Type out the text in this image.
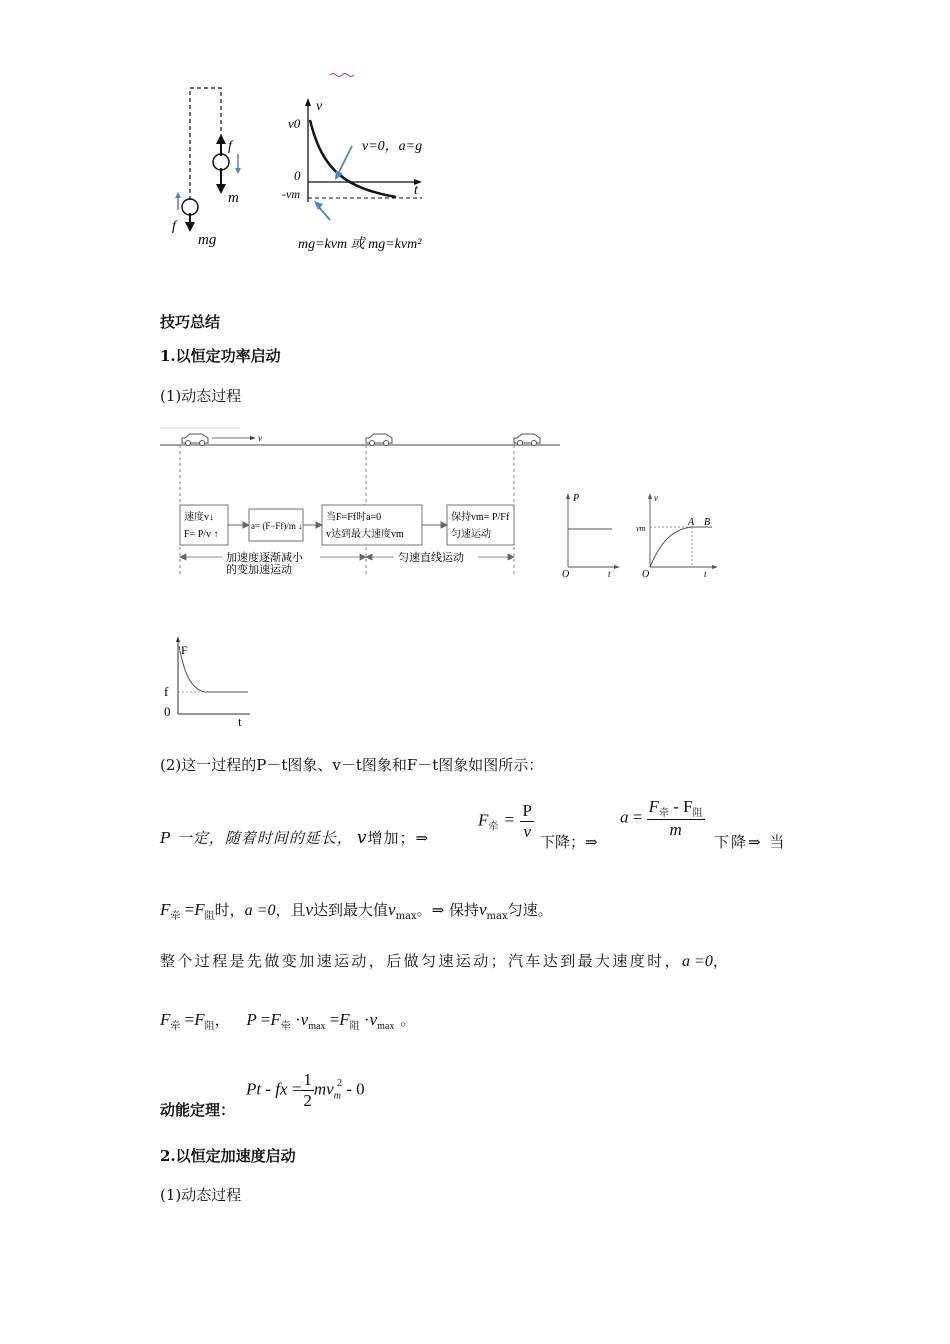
f
m
f
mg
v
v0
0
-vm	t
v=0，a=g
mg=kvm 或 mg=kvm²
技巧总结
1.以恒定功率启动
(1)动态过程
v
速度v↓
F= P/v ↑
a= (F−Ff)/m ↓
当F=Ff时a=0
v达到最大速度vm
保持vm= P/Ff
匀速运动
加速度逐渐减小
的变加速运动
匀速直线运动
P
t
O
v
t
O
vm
A B
F
f
0
t
(2)这一过程的P－t图象、v－t图象和F－t图象如图所示：
P 一定，随着时间的延长， v增加；⇒
$F_牵 = \frac{P}{v}$ 下降；⇒
$a = \frac{F_牵 - F_阻}{m}$
下降⇒ 当
$F_牵 =F_阻$时，a =0，且v达到最大值$v_{max}$。⇒ 保持$v_{max}$匀速。
整个过程是先做变加速运动，后做匀速运动；汽车达到最大速度时，a =0，
$F_牵 =F_阻$， $P =F_牵 \cdot v_{max} =F_阻 \cdot v_{max}$ 。
动能定理：
Pt - fx = $\frac{1}{2} mv_m^2 - 0$
2.以恒定加速度启动
(1)动态过程
